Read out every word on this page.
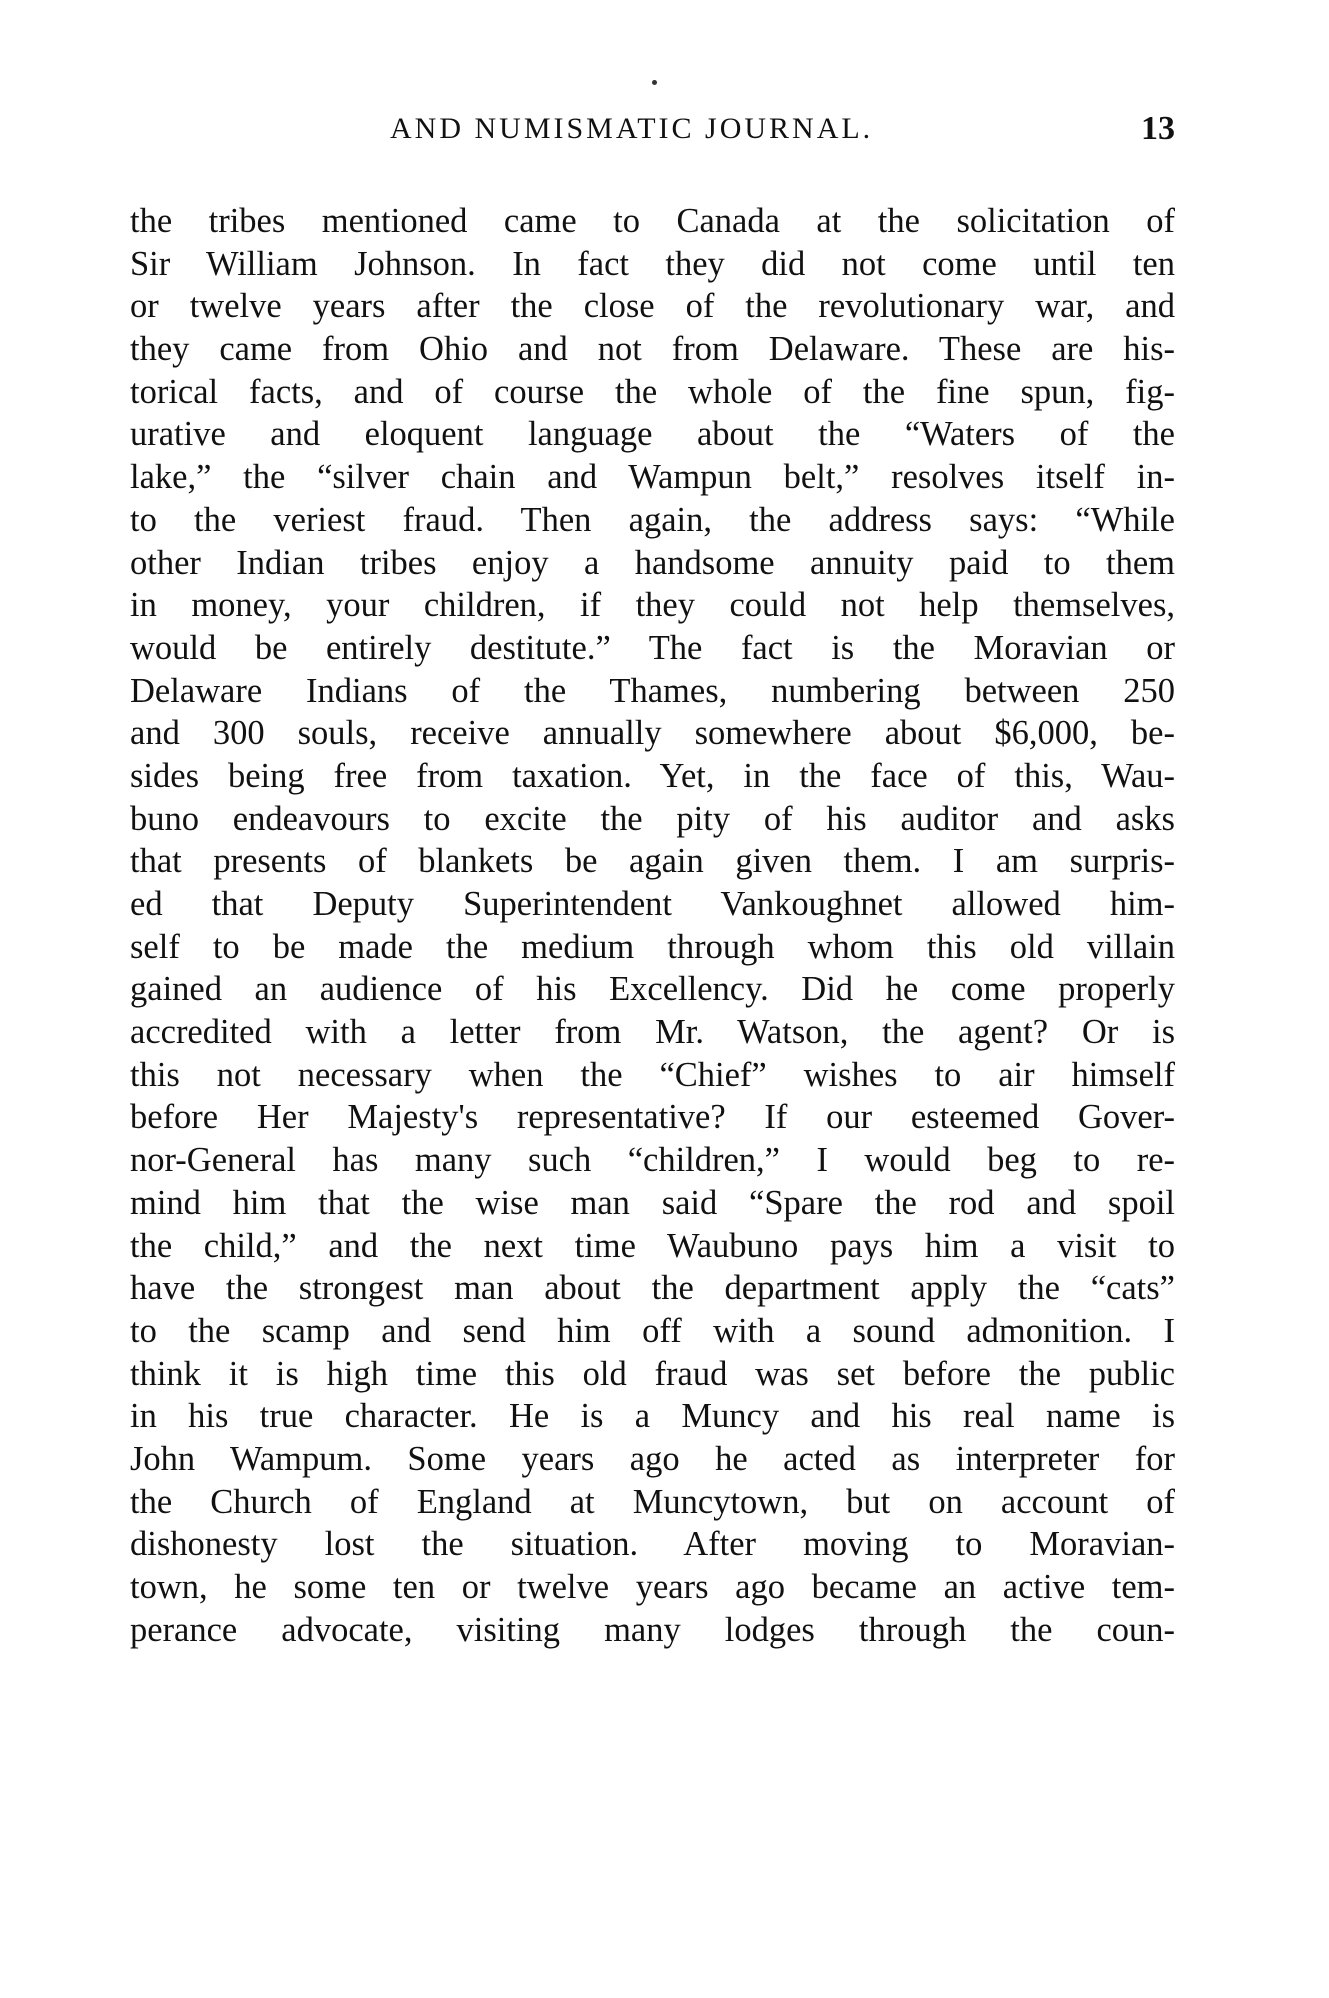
AND NUMISMATIC JOURNAL.	13
the tribes mentioned came to Canada at the solicitation of
Sir William Johnson. In fact they did not come until ten
or twelve years after the close of the revolutionary war, and
they came from Ohio and not from Delaware. These are his-
torical facts, and of course the whole of the fine spun, fig-
urative and eloquent language about the “Waters of the
lake,” the “silver chain and Wampun belt,” resolves itself in-
to the veriest fraud. Then again, the address says: “While
other Indian tribes enjoy a handsome annuity paid to them
in money, your children, if they could not help themselves,
would be entirely destitute.” The fact is the Moravian or
Delaware Indians of the Thames, numbering between 250
and 300 souls, receive annually somewhere about $6,000, be-
sides being free from taxation. Yet, in the face of this, Wau-
buno endeavours to excite the pity of his auditor and asks
that presents of blankets be again given them. I am surpris-
ed that Deputy Superintendent Vankoughnet allowed him-
self to be made the medium through whom this old villain
gained an audience of his Excellency. Did he come properly
accredited with a letter from Mr. Watson, the agent? Or is
this not necessary when the “Chief” wishes to air himself
before Her Majesty's representative? If our esteemed Gover-
nor-General has many such “children,” I would beg to re-
mind him that the wise man said “Spare the rod and spoil
the child,” and the next time Waubuno pays him a visit to
have the strongest man about the department apply the “cats”
to the scamp and send him off with a sound admonition. I
think it is high time this old fraud was set before the public
in his true character. He is a Muncy and his real name is
John Wampum. Some years ago he acted as interpreter for
the Church of England at Muncytown, but on account of
dishonesty lost the situation. After moving to Moravian-
town, he some ten or twelve years ago became an active tem-
perance advocate, visiting many lodges through the coun-
